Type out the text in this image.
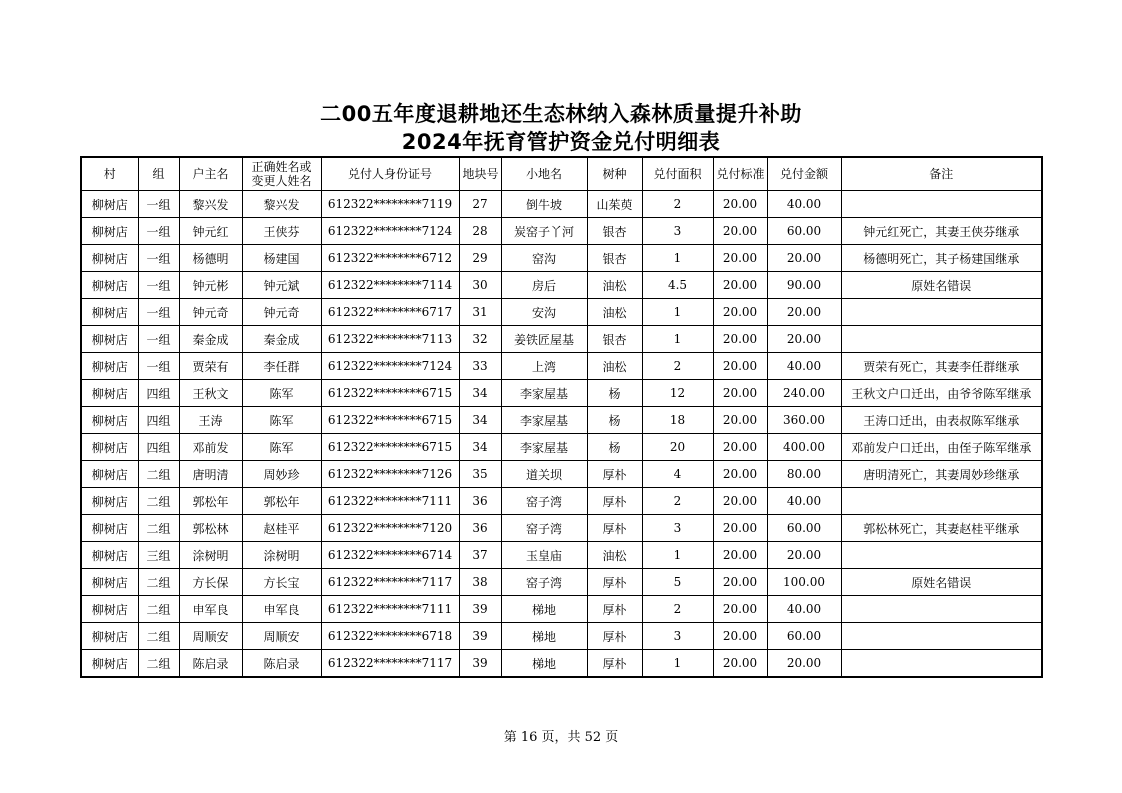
二00五年度退耕地还生态林纳入森林质量提升补助
2024年抚育管护资金兑付明细表
村	组	户主名	正确姓名或变更人姓名	兑付人身份证号	地块号	小地名	树种	兑付面积	兑付标准	兑付金额	备注
柳树店	一组	黎兴发	黎兴发	612322********7119	27	倒牛坡	山茱萸	2	20.00	40.00	
柳树店	一组	钟元红	王侠芬	612322********7124	28	炭窑子丫河	银杏	3	20.00	60.00	钟元红死亡，其妻王侠芬继承
柳树店	一组	杨德明	杨建国	612322********6712	29	窑沟	银杏	1	20.00	20.00	杨德明死亡，其子杨建国继承
柳树店	一组	钟元彬	钟元斌	612322********7114	30	房后	油松	4.5	20.00	90.00	原姓名错误
柳树店	一组	钟元奇	钟元奇	612322********6717	31	安沟	油松	1	20.00	20.00	
柳树店	一组	秦金成	秦金成	612322********7113	32	姜铁匠屋基	银杏	1	20.00	20.00	
柳树店	一组	贾荣有	李任群	612322********7124	33	上湾	油松	2	20.00	40.00	贾荣有死亡，其妻李任群继承
柳树店	四组	王秋文	陈军	612322********6715	34	李家屋基	杨	12	20.00	240.00	王秋文户口迁出，由爷爷陈军继承
柳树店	四组	王涛	陈军	612322********6715	34	李家屋基	杨	18	20.00	360.00	王涛口迁出，由表叔陈军继承
柳树店	四组	邓前发	陈军	612322********6715	34	李家屋基	杨	20	20.00	400.00	邓前发户口迁出，由侄子陈军继承
柳树店	二组	唐明清	周妙珍	612322********7126	35	道关坝	厚朴	4	20.00	80.00	唐明清死亡，其妻周妙珍继承
柳树店	二组	郭松年	郭松年	612322********7111	36	窑子湾	厚朴	2	20.00	40.00	
柳树店	二组	郭松林	赵桂平	612322********7120	36	窑子湾	厚朴	3	20.00	60.00	郭松林死亡，其妻赵桂平继承
柳树店	三组	涂树明	涂树明	612322********6714	37	玉皇庙	油松	1	20.00	20.00	
柳树店	二组	方长保	方长宝	612322********7117	38	窑子湾	厚朴	5	20.00	100.00	原姓名错误
柳树店	二组	申军良	申军良	612322********7111	39	梯地	厚朴	2	20.00	40.00	
柳树店	二组	周顺安	周顺安	612322********6718	39	梯地	厚朴	3	20.00	60.00	
柳树店	二组	陈启录	陈启录	612322********7117	39	梯地	厚朴	1	20.00	20.00	
第 16 页，共 52 页
